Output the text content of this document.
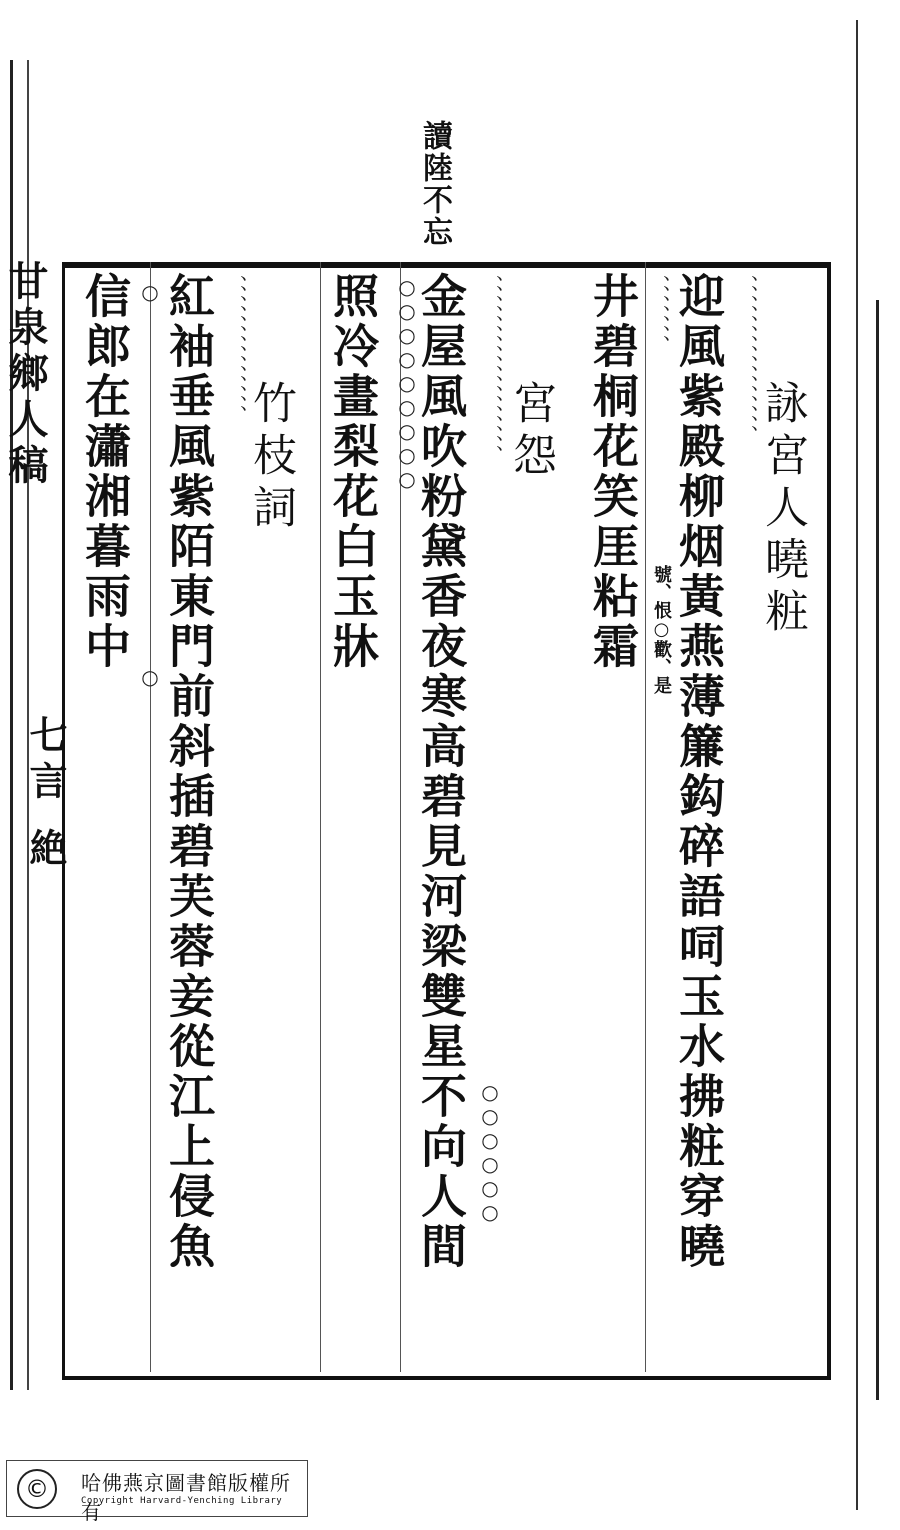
甘泉鄉人稿
七言 絶
讀陸不忘
詠宮人曉粧
迎風紫殿柳烟黃燕薄簾鈎碎語呞玉水拂粧穿曉
井碧桐花笑厓粘霜 號、恨○歡、是
宮怨
金屋風吹粉黛香夜寒高碧見河梁雙星不向人間
照冷畫梨花白玉牀
竹枝詞
紅袖垂風紫陌東門前斜插碧芙蓉妾從江上侵魚
信郎在瀟湘暮雨中	、、、、、、、、、、、、、、、、
、、、、、、、
、、、、、、、、、、、、、、、、、、
○○○○○○○○○
、、、、、、、、、、、、、、
○
○
○○○○○○
©	哈佛燕京圖書館版權所有
Copyright Harvard-Yenching Library
